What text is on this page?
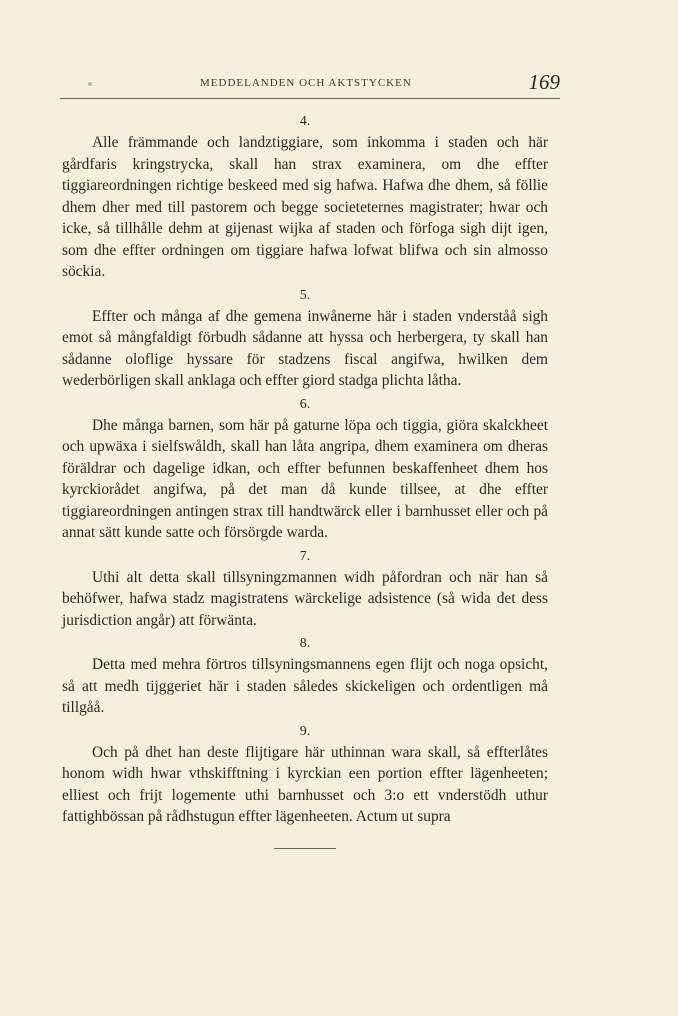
MEDDELANDEN OCH AKTSTYCKEN	169
4.

Alle främmande och landztiggiare, som inkomma i staden och här gårdfaris kringstrycka, skall han strax examinera, om dhe effter tiggiareordningen richtige beskeed med sig hafwa. Hafwa dhe dhem, så föllie dhem dher med till pastorem och begge societeternes magistrater; hwar och icke, så tillhålle dehm at gijenast wijka af staden och förfoga sigh dijt igen, som dhe effter ordningen om tiggiare hafwa lofwat blifwa och sin almosso söckia.

5.

Effter och många af dhe gemena inwånerne här i staden vnderståå sigh emot så mångfaldigt förbudh sådanne att hyssa och herbergera, ty skall han sådanne oloflige hyssare för stadzens fiscal angifwa, hwilken dem wederbörligen skall anklaga och effter giord stadga plichta låtha.

6.

Dhe många barnen, som här på gaturne löpa och tiggia, giöra skalckheet och upwäxa i sielfswåldh, skall han låta angripa, dhem examinera om dheras föräldrar och dagelige idkan, och effter befunnen beskaffenheet dhem hos kyrckiorådet angifwa, på det man då kunde tillsee, at dhe effter tiggiareordningen antingen strax till handtwärck eller i barnhusset eller och på annat sätt kunde satte och försörgde warda.

7.

Uthi alt detta skall tillsyningzmannen widh påfordran och när han så behöfwer, hafwa stadz magistratens wärckelige adsistence (så wida det dess jurisdiction angår) att förwänta.

8.

Detta med mehra förtros tillsyningsmannens egen flijt och noga opsicht, så att medh tijggeriet här i staden således skickeligen och ordentligen må tillgåå.

9.

Och på dhet han deste flijtigare här uthinnan wara skall, så effterlåtes honom widh hwar vthskifftning i kyrckian een portion effter lägenheeten; elliest och frijt logemente uthi barnhusset och 3:o ett vnderstödh uthur fattighbössan på rådhstugun effter lägenheeten. Actum ut supra
